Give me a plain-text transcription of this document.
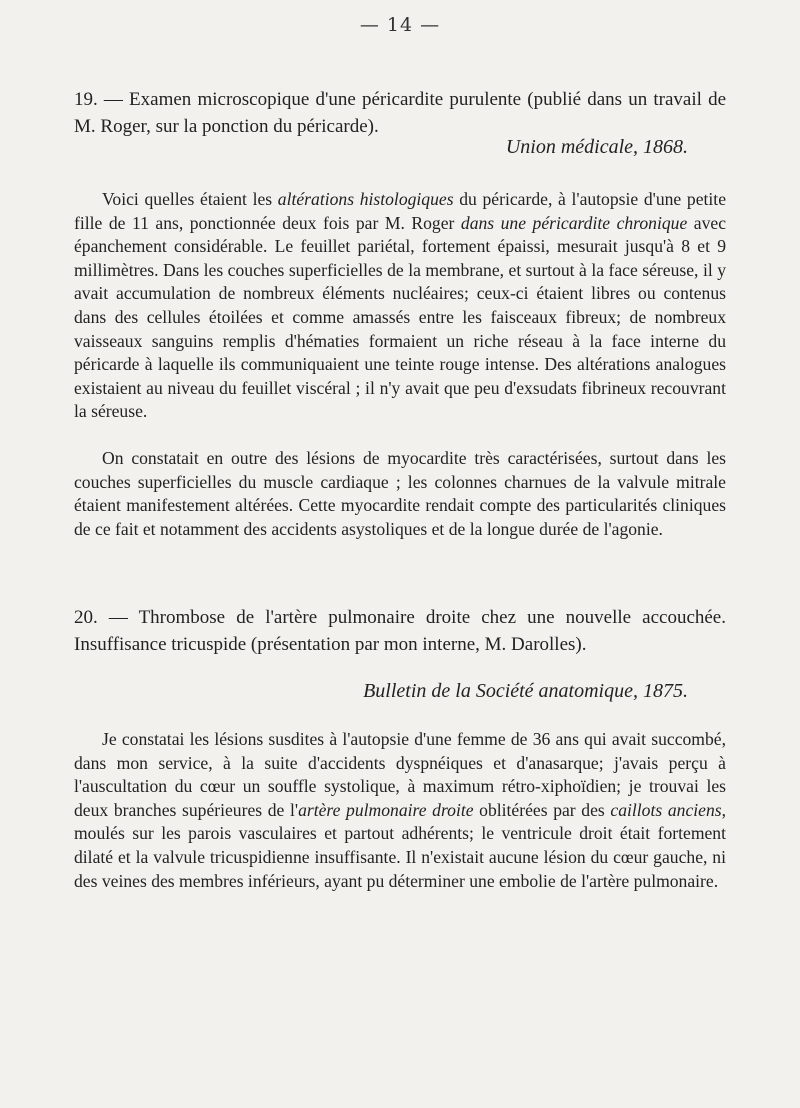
— 14 —
19. — Examen microscopique d'une péricardite purulente (publié dans un travail de M. Roger, sur la ponction du péricarde).
Union médicale, 1868.

Voici quelles étaient les altérations histologiques du péricarde, à l'autopsie d'une petite fille de 11 ans, ponctionnée deux fois par M. Roger dans une péricardite chronique avec épanchement considérable. Le feuillet pariétal, fortement épaissi, mesurait jusqu'à 8 et 9 millimètres. Dans les couches superficielles de la membrane, et surtout à la face séreuse, il y avait accumulation de nombreux éléments nucléaires; ceux-ci étaient libres ou contenus dans des cellules étoilées et comme amassés entre les faisceaux fibreux; de nombreux vaisseaux sanguins remplis d'hématies formaient un riche réseau à la face interne du péricarde à laquelle ils communiquaient une teinte rouge intense. Des altérations analogues existaient au niveau du feuillet viscéral ; il n'y avait que peu d'exsudats fibrineux recouvrant la séreuse.

On constatait en outre des lésions de myocardite très caractérisées, surtout dans les couches superficielles du muscle cardiaque ; les colonnes charnues de la valvule mitrale étaient manifestement altérées. Cette myocardite rendait compte des particularités cliniques de ce fait et notamment des accidents asystoliques et de la longue durée de l'agonie.

20. — Thrombose de l'artère pulmonaire droite chez une nouvelle accouchée. Insuffisance tricuspide (présentation par mon interne, M. Darolles).
Bulletin de la Société anatomique, 1875.

Je constatai les lésions susdites à l'autopsie d'une femme de 36 ans qui avait succombé, dans mon service, à la suite d'accidents dyspnéiques et d'anasarque; j'avais perçu à l'auscultation du cœur un souffle systolique, à maximum rétro-xiphoïdien; je trouvai les deux branches supérieures de l'artère pulmonaire droite oblitérées par des caillots anciens, moulés sur les parois vasculaires et partout adhérents; le ventricule droit était fortement dilaté et la valvule tricuspidienne insuffisante. Il n'existait aucune lésion du cœur gauche, ni des veines des membres inférieurs, ayant pu déterminer une embolie de l'artère pulmonaire.
